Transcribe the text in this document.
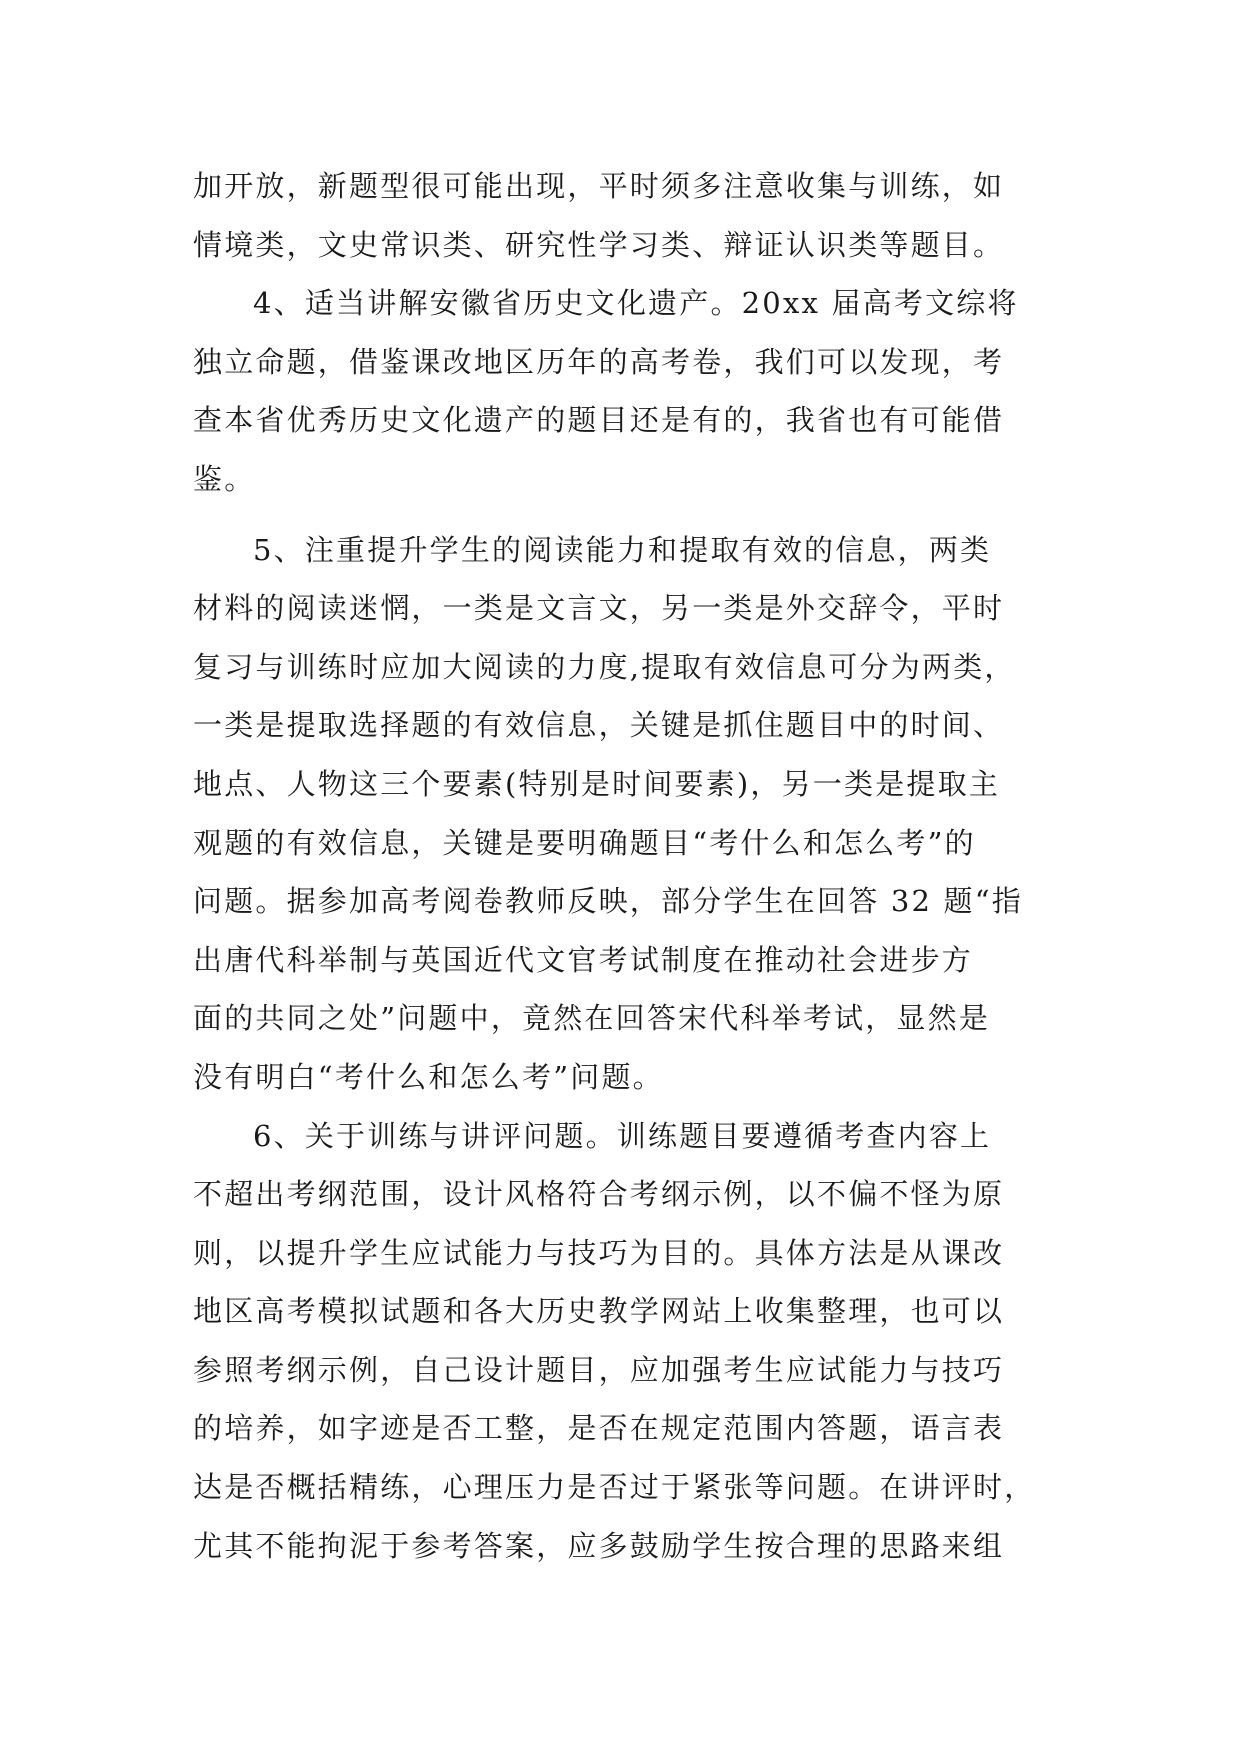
加开放，新题型很可能出现，平时须多注意收集与训练，如
情境类，文史常识类、研究性学习类、辩证认识类等题目。
4、适当讲解安徽省历史文化遗产。20xx 届高考文综将
独立命题，借鉴课改地区历年的高考卷，我们可以发现，考
查本省优秀历史文化遗产的题目还是有的，我省也有可能借
鉴。
5、注重提升学生的阅读能力和提取有效的信息，两类
材料的阅读迷惘，一类是文言文，另一类是外交辞令，平时
复习与训练时应加大阅读的力度,提取有效信息可分为两类，
一类是提取选择题的有效信息，关键是抓住题目中的时间、
地点、人物这三个要素(特别是时间要素)，另一类是提取主
观题的有效信息，关键是要明确题目“考什么和怎么考”的
问题。据参加高考阅卷教师反映，部分学生在回答 32 题“指
出唐代科举制与英国近代文官考试制度在推动社会进步方
面的共同之处”问题中，竟然在回答宋代科举考试，显然是
没有明白“考什么和怎么考”问题。
6、关于训练与讲评问题。训练题目要遵循考查内容上
不超出考纲范围，设计风格符合考纲示例，以不偏不怪为原
则，以提升学生应试能力与技巧为目的。具体方法是从课改
地区高考模拟试题和各大历史教学网站上收集整理，也可以
参照考纲示例，自己设计题目，应加强考生应试能力与技巧
的培养，如字迹是否工整，是否在规定范围内答题，语言表
达是否概括精练，心理压力是否过于紧张等问题。在讲评时，
尤其不能拘泥于参考答案，应多鼓励学生按合理的思路来组
